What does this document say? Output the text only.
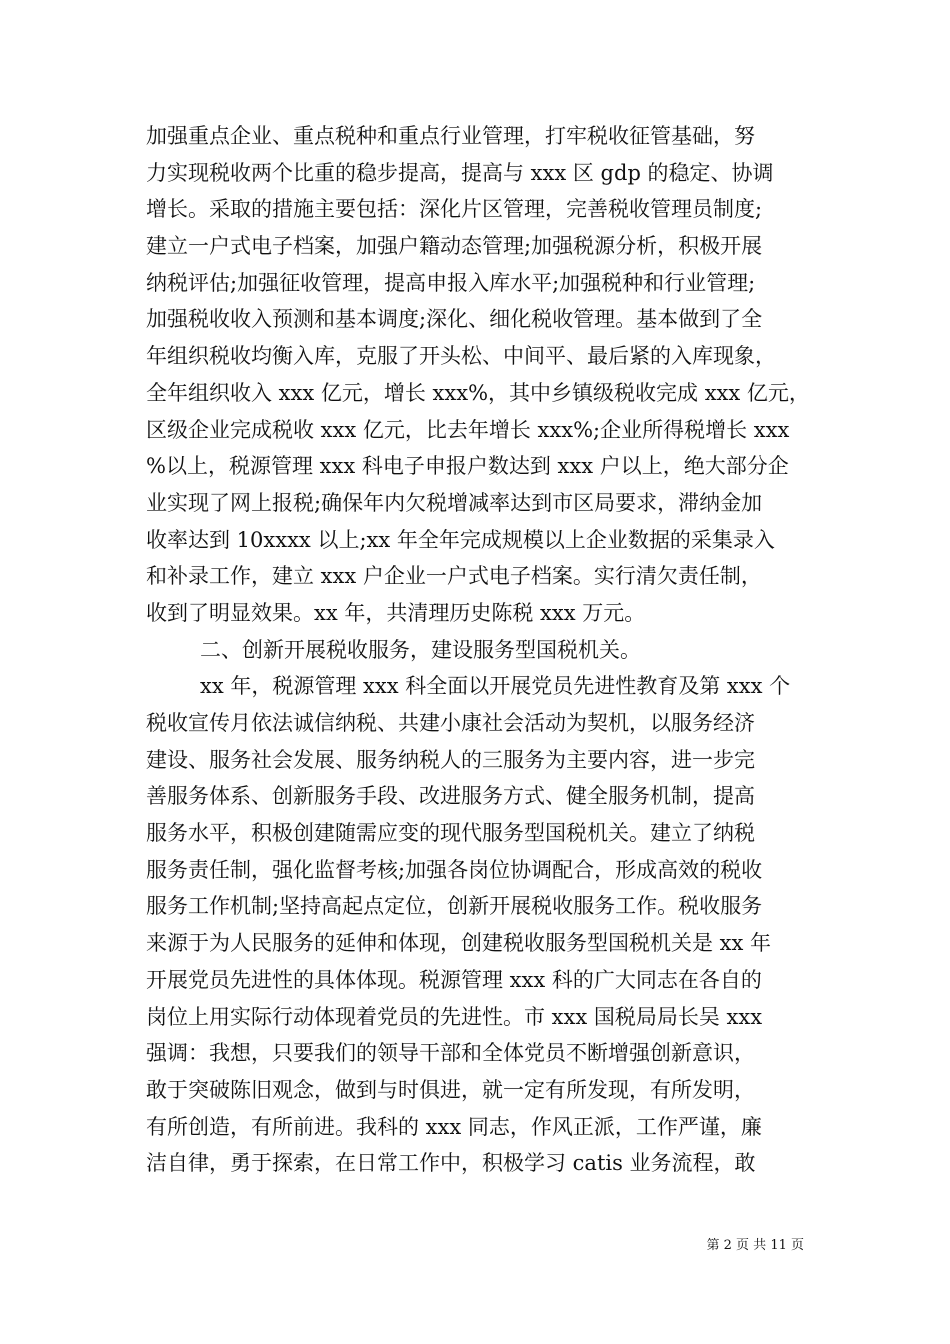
加强重点企业、重点税种和重点行业管理，打牢税收征管基础，努
力实现税收两个比重的稳步提高，提高与 xxx 区 gdp 的稳定、协调
增长。采取的措施主要包括：深化片区管理，完善税收管理员制度;
建立一户式电子档案，加强户籍动态管理;加强税源分析，积极开展
纳税评估;加强征收管理，提高申报入库水平;加强税种和行业管理;
加强税收收入预测和基本调度;深化、细化税收管理。基本做到了全
年组织税收均衡入库，克服了开头松、中间平、最后紧的入库现象，
全年组织收入 xxx 亿元，增长 xxx%，其中乡镇级税收完成 xxx 亿元，
区级企业完成税收 xxx 亿元，比去年增长 xxx%;企业所得税增长 xxx
%以上，税源管理 xxx 科电子申报户数达到 xxx 户以上，绝大部分企
业实现了网上报税;确保年内欠税增减率达到市区局要求，滞纳金加
收率达到 10xxxx 以上;xx 年全年完成规模以上企业数据的采集录入
和补录工作，建立 xxx 户企业一户式电子档案。实行清欠责任制，
收到了明显效果。xx 年，共清理历史陈税 xxx 万元。
二、创新开展税收服务，建设服务型国税机关。
xx 年，税源管理 xxx 科全面以开展党员先进性教育及第 xxx 个
税收宣传月依法诚信纳税、共建小康社会活动为契机，以服务经济
建设、服务社会发展、服务纳税人的三服务为主要内容，进一步完
善服务体系、创新服务手段、改进服务方式、健全服务机制，提高
服务水平，积极创建随需应变的现代服务型国税机关。建立了纳税
服务责任制，强化监督考核;加强各岗位协调配合，形成高效的税收
服务工作机制;坚持高起点定位，创新开展税收服务工作。税收服务
来源于为人民服务的延伸和体现，创建税收服务型国税机关是 xx 年
开展党员先进性的具体体现。税源管理 xxx 科的广大同志在各自的
岗位上用实际行动体现着党员的先进性。市 xxx 国税局局长吴 xxx
强调：我想，只要我们的领导干部和全体党员不断增强创新意识，
敢于突破陈旧观念，做到与时俱进，就一定有所发现，有所发明，
有所创造，有所前进。我科的 xxx 同志，作风正派，工作严谨，廉
洁自律，勇于探索，在日常工作中，积极学习 catis 业务流程，敢
第 2 页 共 11 页
